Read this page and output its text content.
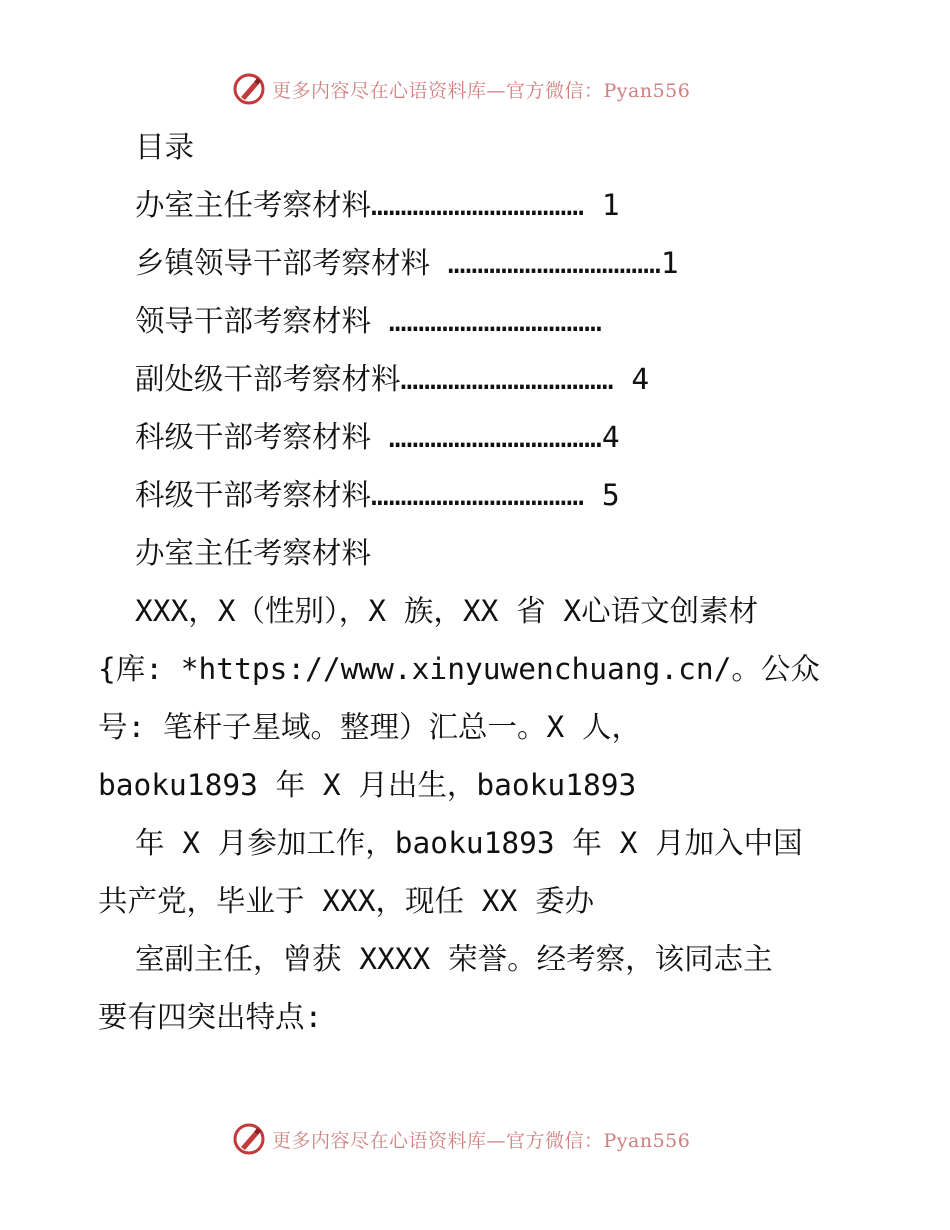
更多内容尽在心语资料库—官方微信：Pyan556
目录
办室主任考察材料……………………………… 1
乡镇领导干部考察材料 ………………………………1
领导干部考察材料 ………………………………
副处级干部考察材料……………………………… 4
科级干部考察材料 ………………………………4
科级干部考察材料……………………………… 5
办室主任考察材料
XXX，X（性别），X 族，XX 省 X心语文创素材
{库: *https://www.xinyuwenchuang.cn/。公众
号: 笔杆子星域。整理）汇总一。X 人，
baoku1893 年 X 月出生，baoku1893
年 X 月参加工作，baoku1893 年 X 月加入中国
共产党，毕业于 XXX，现任 XX 委办
室副主任，曾获 XXXX 荣誉。经考察，该同志主
要有四突出特点:
更多内容尽在心语资料库—官方微信：Pyan556
